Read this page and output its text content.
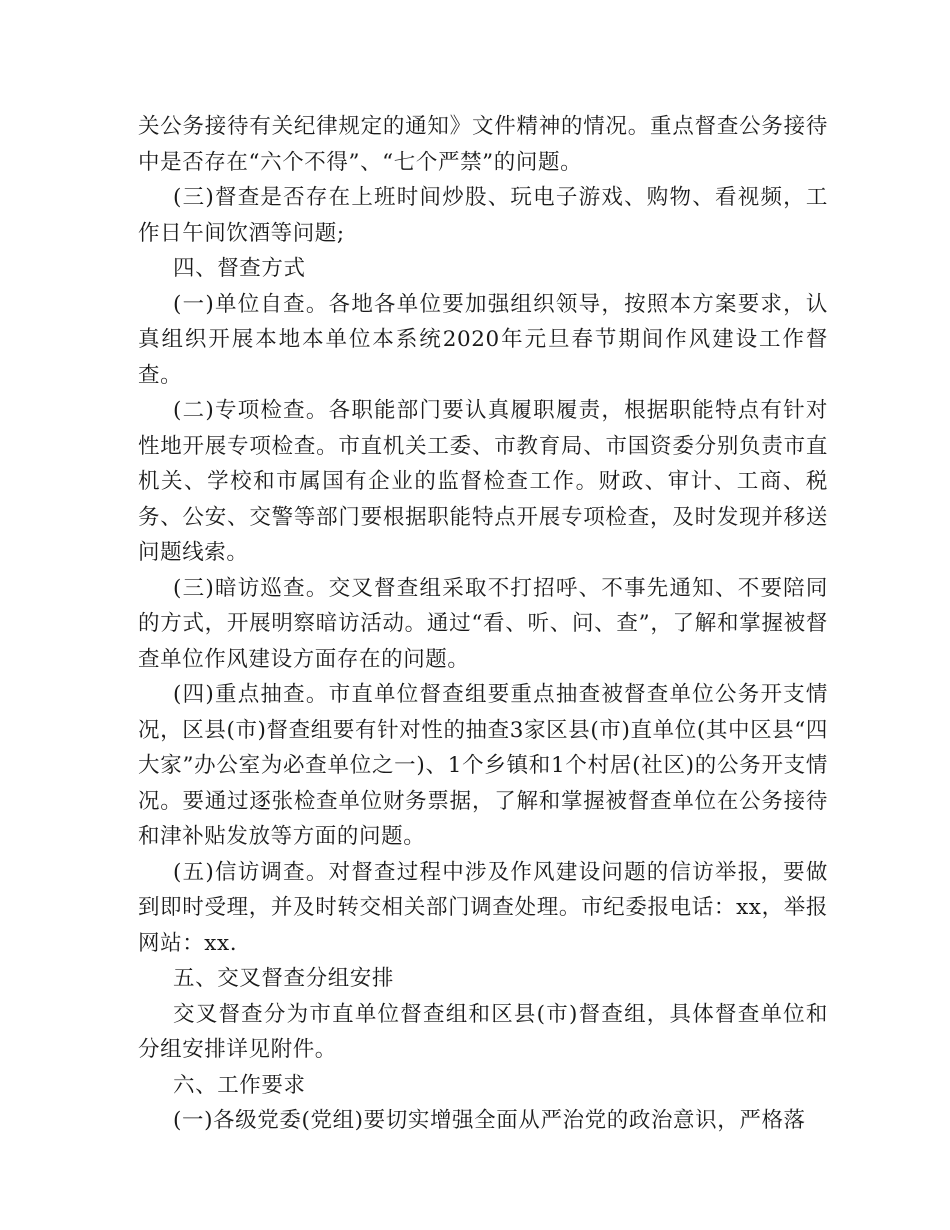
关公务接待有关纪律规定的通知》文件精神的情况。重点督查公务接待中是否存在“六个不得”、“七个严禁”的问题。

(三)督查是否存在上班时间炒股、玩电子游戏、购物、看视频，工作日午间饮酒等问题;

四、督查方式

(一)单位自查。各地各单位要加强组织领导，按照本方案要求，认真组织开展本地本单位本系统2020年元旦春节期间作风建设工作督查。

(二)专项检查。各职能部门要认真履职履责，根据职能特点有针对性地开展专项检查。市直机关工委、市教育局、市国资委分别负责市直机关、学校和市属国有企业的监督检查工作。财政、审计、工商、税务、公安、交警等部门要根据职能特点开展专项检查，及时发现并移送问题线索。

(三)暗访巡查。交叉督查组采取不打招呼、不事先通知、不要陪同的方式，开展明察暗访活动。通过“看、听、问、查”，了解和掌握被督查单位作风建设方面存在的问题。

(四)重点抽查。市直单位督查组要重点抽查被督查单位公务开支情况，区县(市)督查组要有针对性的抽查3家区县(市)直单位(其中区县“四大家”办公室为必查单位之一)、1个乡镇和1个村居(社区)的公务开支情况。要通过逐张检查单位财务票据，了解和掌握被督查单位在公务接待和津补贴发放等方面的问题。

(五)信访调查。对督查过程中涉及作风建设问题的信访举报，要做到即时受理，并及时转交相关部门调查处理。市纪委报电话：xx，举报网站：xx.

五、交叉督查分组安排

交叉督查分为市直单位督查组和区县(市)督查组，具体督查单位和分组安排详见附件。

六、工作要求

(一)各级党委(党组)要切实增强全面从严治党的政治意识，严格落
